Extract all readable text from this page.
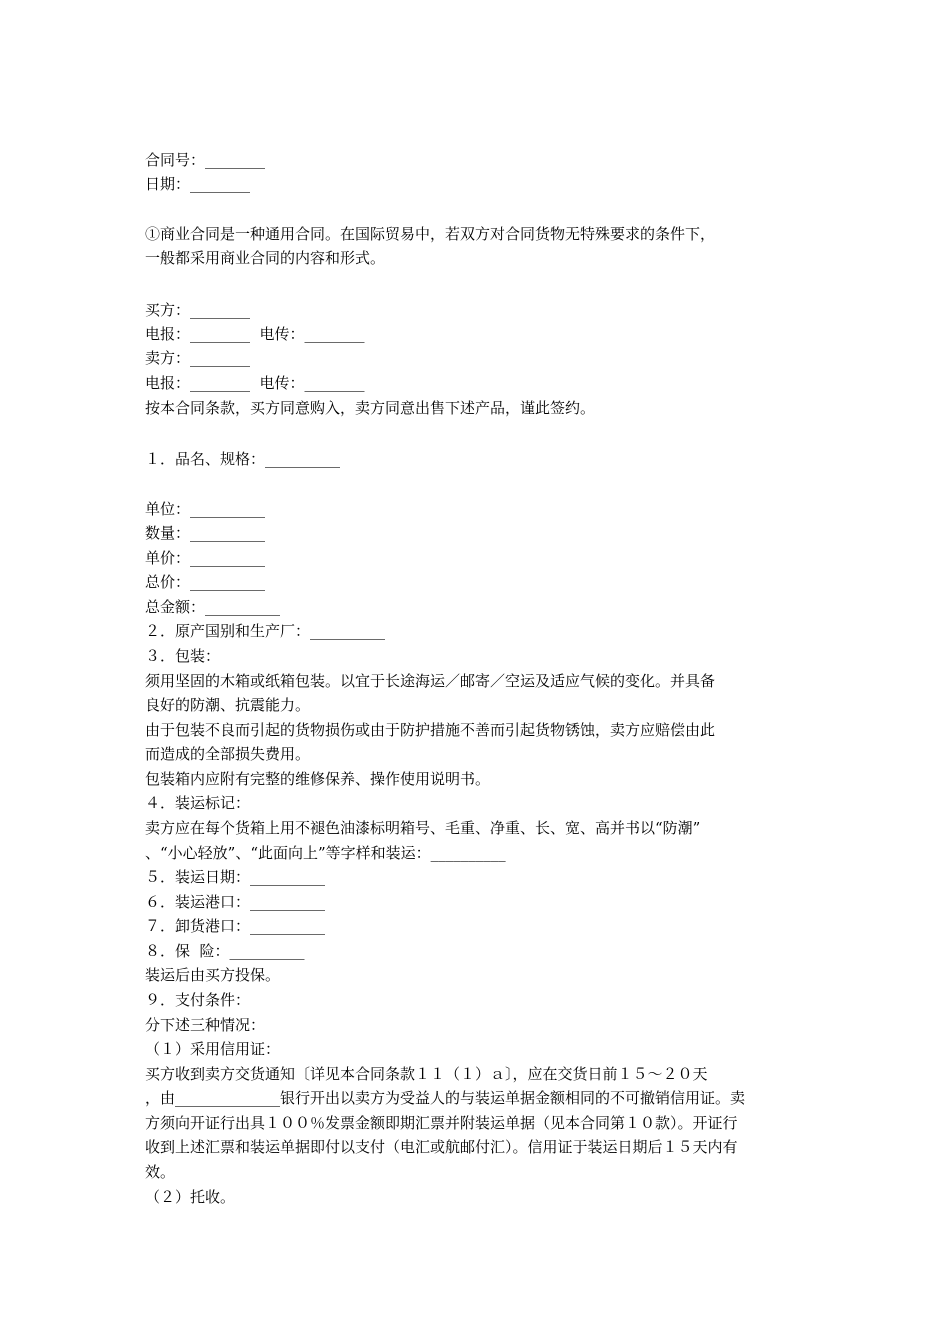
合同号：________
日期：________
①商业合同是一种通用合同。在国际贸易中，若双方对合同货物无特殊要求的条件下，
一般都采用商业合同的内容和形式。
买方：________
电报：________  电传：________
卖方：________
电报：________  电传：________
按本合同条款，买方同意购入，卖方同意出售下述产品，谨此签约。
１．品名、规格：__________
单位：__________
数量：__________
单价：__________
总价：__________
总金额：__________
２．原产国别和生产厂：__________
３．包装：
须用坚固的木箱或纸箱包装。以宜于长途海运／邮寄／空运及适应气候的变化。并具备
良好的防潮、抗震能力。
由于包装不良而引起的货物损伤或由于防护措施不善而引起货物锈蚀，卖方应赔偿由此
而造成的全部损失费用。
包装箱内应附有完整的维修保养、操作使用说明书。
４．装运标记：
卖方应在每个货箱上用不褪色油漆标明箱号、毛重、净重、长、宽、高并书以“防潮”
、“小心轻放”、“此面向上”等字样和装运：__________
５．装运日期：__________
６．装运港口：__________
７．卸货港口：__________
８．保  险：__________
装运后由买方投保。
９．支付条件：
分下述三种情况：
（１）采用信用证：
买方收到卖方交货通知〔详见本合同条款１１（１）ａ〕，应在交货日前１５～２０天
，由______________银行开出以卖方为受益人的与装运单据金额相同的不可撤销信用证。卖
方须向开证行出具１００％发票金额即期汇票并附装运单据（见本合同第１０款）。开证行
收到上述汇票和装运单据即付以支付（电汇或航邮付汇）。信用证于装运日期后１５天内有
效。
（２）托收。
